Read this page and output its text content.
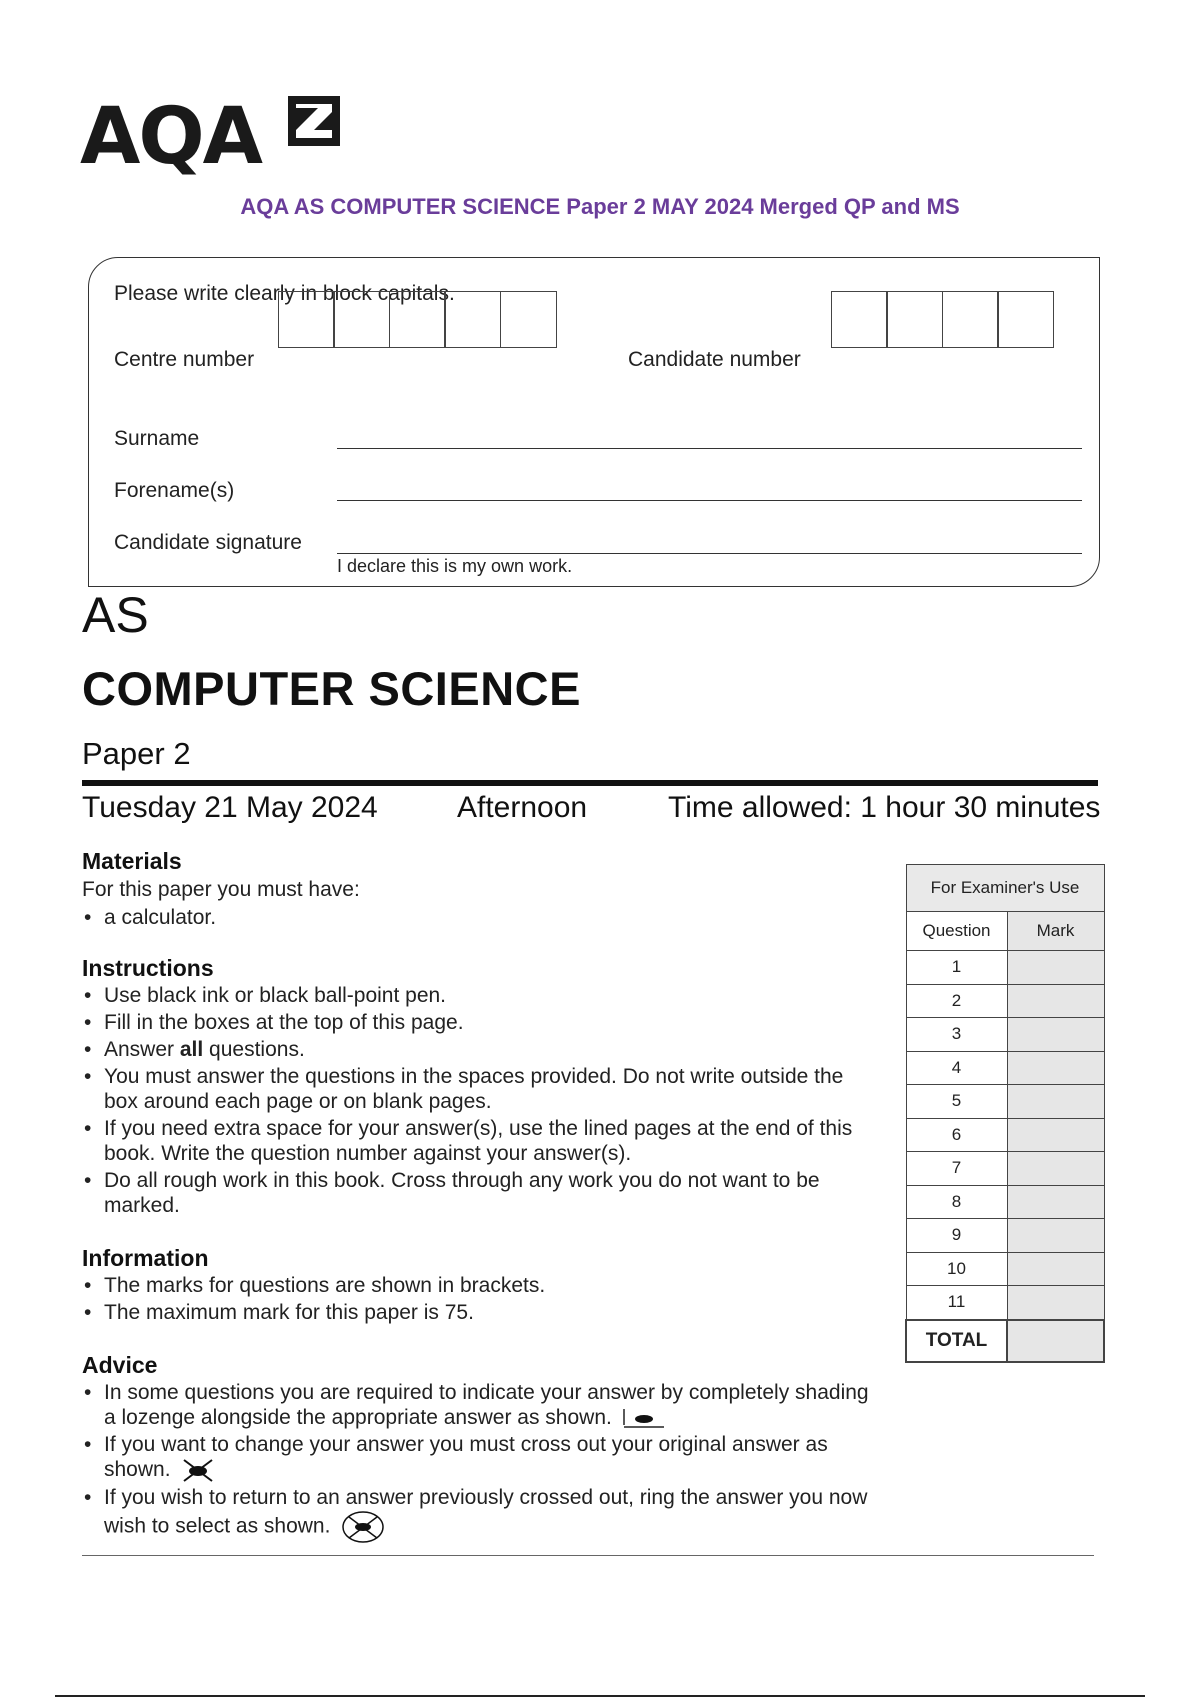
AQA
AQA AS COMPUTER SCIENCE Paper 2 MAY 2024 Merged QP and MS
Please write clearly in block capitals.
Centre number	Candidate number
Surname
Forename(s)
Candidate signature
I declare this is my own work.
AS
COMPUTER SCIENCE
Paper 2
Tuesday 21 May 2024	Afternoon	Time allowed: 1 hour 30 minutes
Materials
For this paper you must have:
• a calculator.
Instructions
• Use black ink or black ball-point pen.
• Fill in the boxes at the top of this page.
• Answer all questions.
• You must answer the questions in the spaces provided. Do not write outside the box around each page or on blank pages.
• If you need extra space for your answer(s), use the lined pages at the end of this book. Write the question number against your answer(s).
• Do all rough work in this book. Cross through any work you do not want to be marked.
Information
• The marks for questions are shown in brackets.
• The maximum mark for this paper is 75.
Advice
• In some questions you are required to indicate your answer by completely shading a lozenge alongside the appropriate answer as shown.
• If you want to change your answer you must cross out your original answer as shown.
• If you wish to return to an answer previously crossed out, ring the answer you now wish to select as shown.
For Examiner's Use	
Question	Mark
1	
2	
3	
4	
5	
6	
7	
8	
9	
10	
11	
TOTAL	
